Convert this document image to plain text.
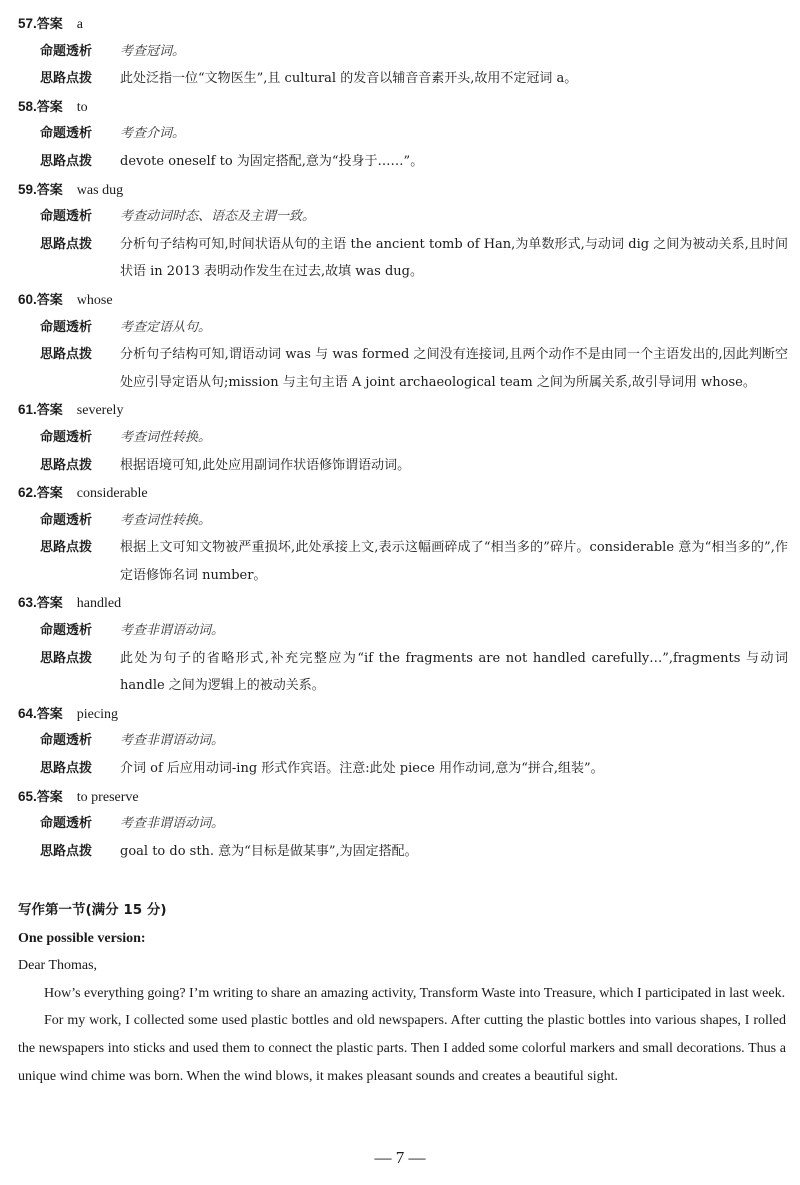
57.答案 a
命题透析	考查冠词。
思路点拨	此处泛指一位“文物医生”,且 cultural 的发音以辅音音素开头,故用不定冠词 a。
58.答案 to
命题透析	考查介词。
思路点拨	devote oneself to 为固定搭配,意为“投身于……”。
59.答案 was dug
命题透析	考查动词时态、语态及主谓一致。
思路点拨	分析句子结构可知,时间状语从句的主语 the ancient tomb of Han,为单数形式,与动词 dig 之间为被动关系,且时间状语 in 2013 表明动作发生在过去,故填 was dug。
60.答案 whose
命题透析	考查定语从句。
思路点拨	分析句子结构可知,谓语动词 was 与 was formed 之间没有连接词,且两个动作不是由同一个主语发出的,因此判断空处应引导定语从句;mission 与主句主语 A joint archaeological team 之间为所属关系,故引导词用 whose。
61.答案 severely
命题透析	考查词性转换。
思路点拨	根据语境可知,此处应用副词作状语修饰谓语动词。
62.答案 considerable
命题透析	考查词性转换。
思路点拨	根据上文可知文物被严重损坏,此处承接上文,表示这幅画碎成了“相当多的”碎片。considerable 意为“相当多的”,作定语修饰名词 number。
63.答案 handled
命题透析	考查非谓语动词。
思路点拨	此处为句子的省略形式,补充完整应为“if the fragments are not handled carefully…”,fragments 与动词 handle 之间为逻辑上的被动关系。
64.答案 piecing
命题透析	考查非谓语动词。
思路点拨	介词 of 后应用动词-ing 形式作宾语。注意:此处 piece 用作动词,意为“拼合,组装”。
65.答案 to preserve
命题透析	考查非谓语动词。
思路点拨	goal to do sth. 意为“目标是做某事”,为固定搭配。
写作第一节(满分 15 分)
One possible version:
Dear Thomas,

How’s everything going? I’m writing to share an amazing activity, Transform Waste into Treasure, which I participated in last week.

For my work, I collected some used plastic bottles and old newspapers. After cutting the plastic bottles into various shapes, I rolled the newspapers into sticks and used them to connect the plastic parts. Then I added some colorful markers and small decorations. Thus a unique wind chime was born. When the wind blows, it makes pleasant sounds and creates a beautiful sight.

— 7 —
